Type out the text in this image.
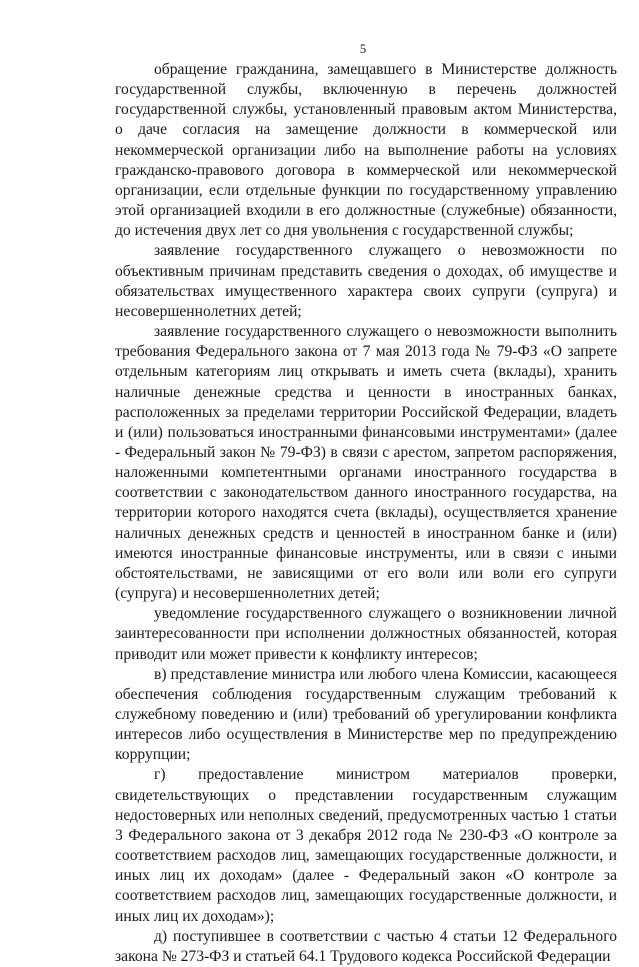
5

обращение гражданина, замещавшего в Министерстве должность государственной службы, включенную в перечень должностей государственной службы, установленный правовым актом Министерства, о даче согласия на замещение должности в коммерческой или некоммерческой организации либо на выполнение работы на условиях гражданско-правового договора в коммерческой или некоммерческой организации, если отдельные функции по государственному управлению этой организацией входили в его должностные (служебные) обязанности, до истечения двух лет со дня увольнения с государственной службы;

заявление государственного служащего о невозможности по объективным причинам представить сведения о доходах, об имуществе и обязательствах имущественного характера своих супруги (супруга) и несовершеннолетних детей;

заявление государственного служащего о невозможности выполнить требования Федерального закона от 7 мая 2013 года № 79-ФЗ «О запрете отдельным категориям лиц открывать и иметь счета (вклады), хранить наличные денежные средства и ценности в иностранных банках, расположенных за пределами территории Российской Федерации, владеть и (или) пользоваться иностранными финансовыми инструментами» (далее - Федеральный закон № 79-ФЗ) в связи с арестом, запретом распоряжения, наложенными компетентными органами иностранного государства в соответствии с законодательством данного иностранного государства, на территории которого находятся счета (вклады), осуществляется хранение наличных денежных средств и ценностей в иностранном банке и (или) имеются иностранные финансовые инструменты, или в связи с иными обстоятельствами, не зависящими от его воли или воли его супруги (супруга) и несовершеннолетних детей;

уведомление государственного служащего о возникновении личной заинтересованности при исполнении должностных обязанностей, которая приводит или может привести к конфликту интересов;

в) представление министра или любого члена Комиссии, касающееся обеспечения соблюдения государственным служащим требований к служебному поведению и (или) требований об урегулировании конфликта интересов либо осуществления в Министерстве мер по предупреждению коррупции;

г) предоставление министром материалов проверки, свидетельствующих о представлении государственным служащим недостоверных или неполных сведений, предусмотренных частью 1 статьи 3 Федерального закона от 3 декабря 2012 года № 230-ФЗ «О контроле за соответствием расходов лиц, замещающих государственные должности, и иных лиц их доходам» (далее - Федеральный закон «О контроле за соответствием расходов лиц, замещающих государственные должности, и иных лиц их доходам»);

д) поступившее в соответствии с частью 4 статьи 12 Федерального закона № 273-ФЗ и статьей 64.1 Трудового кодекса Российской Федерации
